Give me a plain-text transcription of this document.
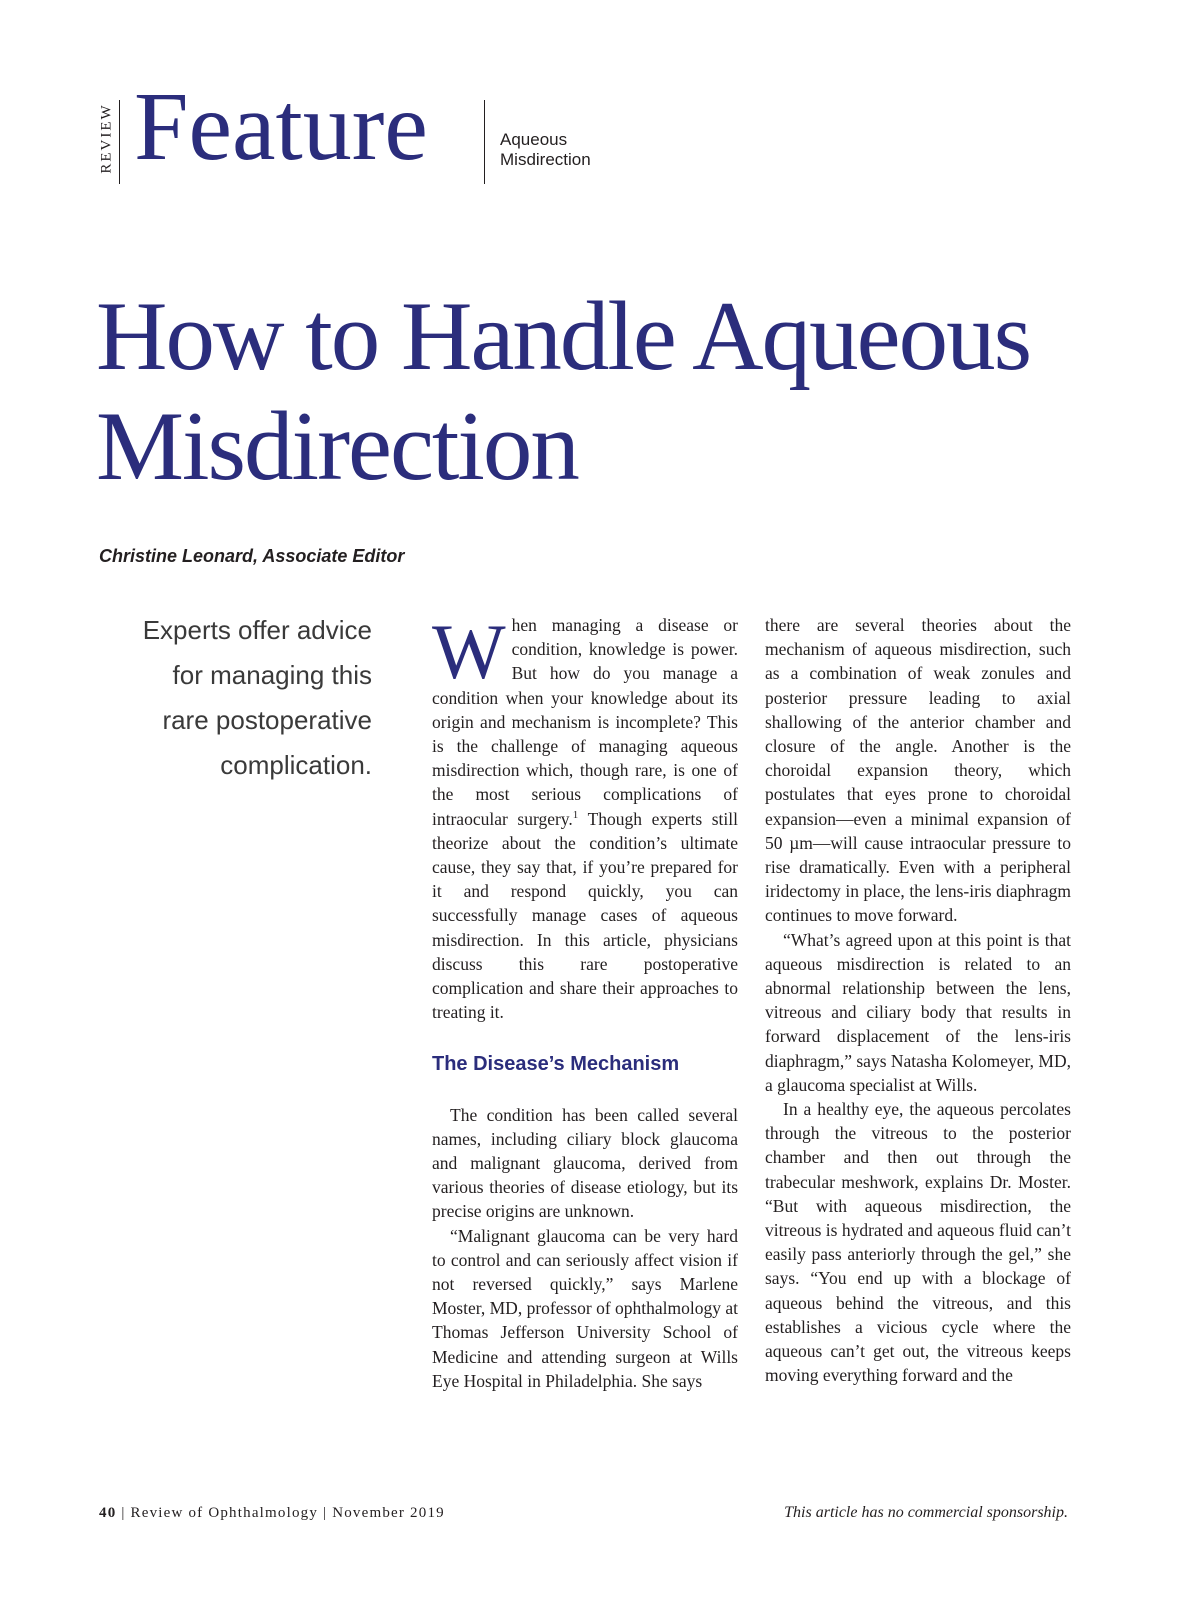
REVIEW Feature	Aqueous Misdirection
How to Handle Aqueous Misdirection

Christine Leonard, Associate Editor

Experts offer advice for managing this rare postoperative complication.

When managing a disease or condition, knowledge is power. But how do you manage a condition when your knowledge about its origin and mechanism is incomplete? This is the challenge of managing aqueous misdirection which, though rare, is one of the most serious complications of intraocular surgery.$^1$ Though experts still theorize about the condition’s ultimate cause, they say that, if you’re prepared for it and respond quickly, you can successfully manage cases of aqueous misdirection. In this article, physicians discuss this rare postoperative complication and share their approaches to treating it.

The Disease’s Mechanism

The condition has been called several names, including ciliary block glaucoma and malignant glaucoma, derived from various theories of disease etiology, but its precise origins are unknown.

“Malignant glaucoma can be very hard to control and can seriously affect vision if not reversed quickly,” says Marlene Moster, MD, professor of ophthalmology at Thomas Jefferson University School of Medicine and attending surgeon at Wills Eye Hospital in Philadelphia. She says

there are several theories about the mechanism of aqueous misdirection, such as a combination of weak zonules and posterior pressure leading to axial shallowing of the anterior chamber and closure of the angle. Another is the choroidal expansion theory, which postulates that eyes prone to choroidal expansion—even a minimal expansion of 50 µm—will cause intraocular pressure to rise dramatically. Even with a peripheral iridectomy in place, the lens-iris diaphragm continues to move forward.

“What’s agreed upon at this point is that aqueous misdirection is related to an abnormal relationship between the lens, vitreous and ciliary body that results in forward displacement of the lens-iris diaphragm,” says Natasha Kolomeyer, MD, a glaucoma specialist at Wills.

In a healthy eye, the aqueous percolates through the vitreous to the posterior chamber and then out through the trabecular meshwork, explains Dr. Moster. “But with aqueous misdirection, the vitreous is hydrated and aqueous fluid can’t easily pass anteriorly through the gel,” she says. “You end up with a blockage of aqueous behind the vitreous, and this establishes a vicious cycle where the aqueous can’t get out, the vitreous keeps moving everything forward and the

40 | Review of Ophthalmology | November 2019	This article has no commercial sponsorship.
